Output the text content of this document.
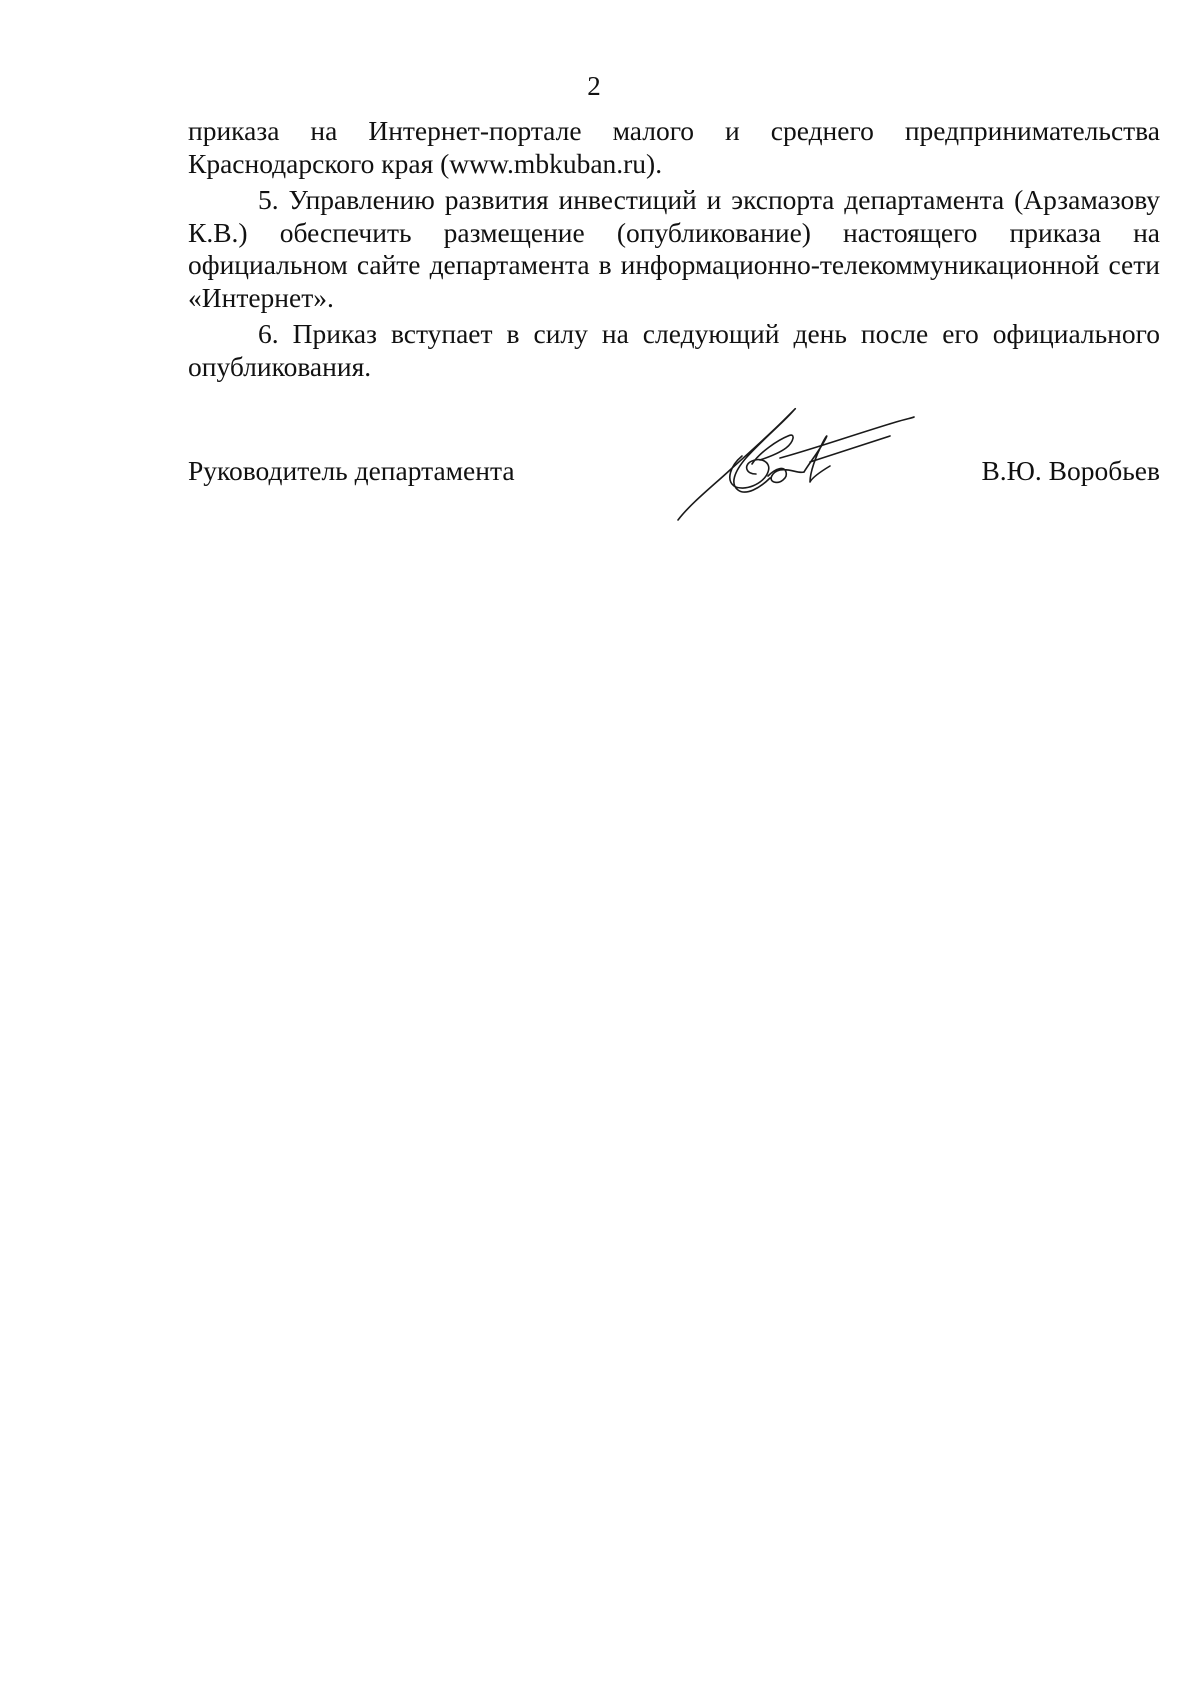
2

приказа на Интернет-портале малого и среднего предпринимательства Краснодарского края (www.mbkuban.ru).

5. Управлению развития инвестиций и экспорта департамента (Арзамазову К.В.) обеспечить размещение (опубликование) настоящего приказа на официальном сайте департамента в информационно-телекоммуникационной сети «Интернет».

6. Приказ вступает в силу на следующий день после его официального опубликования.

Руководитель департамента	В.Ю. Воробьев
